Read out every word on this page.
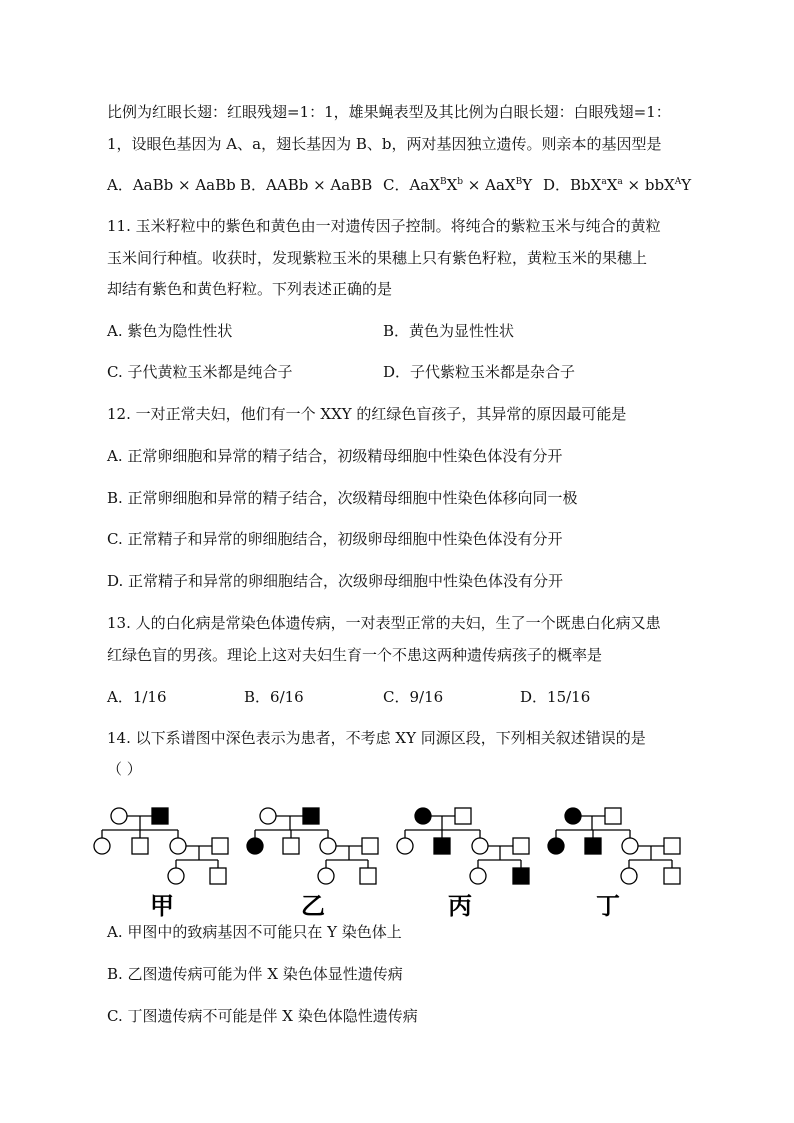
比例为红眼长翅：红眼残翅=1：1，雄果蝇表型及其比例为白眼长翅：白眼残翅=1：
1，设眼色基因为 A、a，翅长基因为 B、b，两对基因独立遗传。则亲本的基因型是
A．AaBb × AaBb B．AABb × AaBB C．$AaX^BX^b \times AaX^BY$ D．$BbX^aX^a \times bbX^AY$
11. 玉米籽粒中的紫色和黄色由一对遗传因子控制。将纯合的紫粒玉米与纯合的黄粒
玉米间行种植。收获时，发现紫粒玉米的果穗上只有紫色籽粒，黄粒玉米的果穗上
却结有紫色和黄色籽粒。下列表述正确的是
A. 紫色为隐性性状	B．黄色为显性性状
C. 子代黄粒玉米都是纯合子	D．子代紫粒玉米都是杂合子
12. 一对正常夫妇，他们有一个 XXY 的红绿色盲孩子，其异常的原因最可能是
A. 正常卵细胞和异常的精子结合，初级精母细胞中性染色体没有分开
B. 正常卵细胞和异常的精子结合，次级精母细胞中性染色体移向同一极
C. 正常精子和异常的卵细胞结合，初级卵母细胞中性染色体没有分开
D. 正常精子和异常的卵细胞结合，次级卵母细胞中性染色体没有分开
13. 人的白化病是常染色体遗传病，一对表型正常的夫妇，生了一个既患白化病又患
红绿色盲的男孩。理论上这对夫妇生育一个不患这两种遗传病孩子的概率是
A．1/16	B．6/16	C．9/16	D．15/16
14. 以下系谱图中深色表示为患者，不考虑 XY 同源区段，下列相关叙述错误的是
（ ）
甲	乙	丙	丁
A. 甲图中的致病基因不可能只在 Y 染色体上
B. 乙图遗传病可能为伴 X 染色体显性遗传病
C. 丁图遗传病不可能是伴 X 染色体隐性遗传病
